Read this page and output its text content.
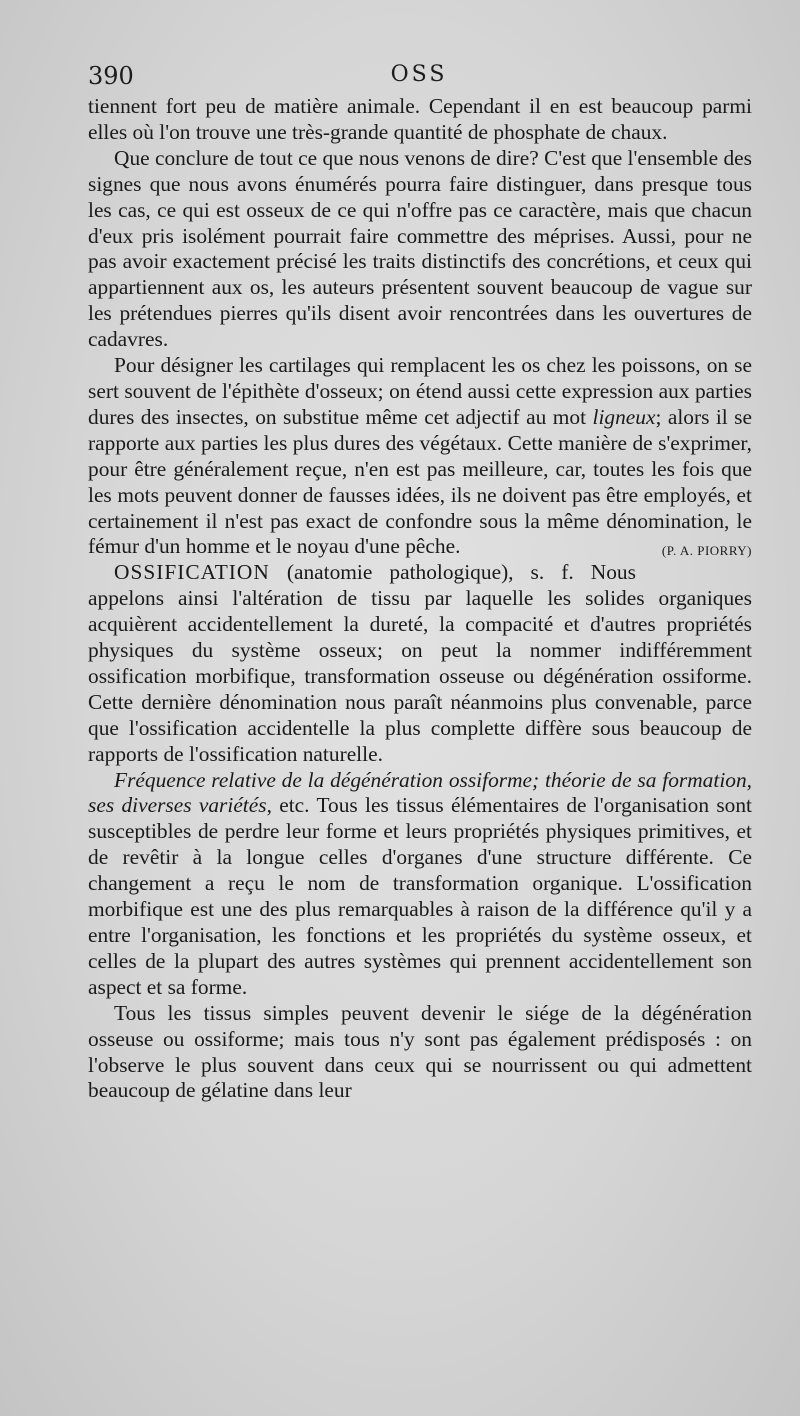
390	OSS

tiennent fort peu de matière animale. Cependant il en est beaucoup parmi elles où l'on trouve une très-grande quantité de phosphate de chaux.

Que conclure de tout ce que nous venons de dire? C'est que l'ensemble des signes que nous avons énumérés pourra faire distinguer, dans presque tous les cas, ce qui est osseux de ce qui n'offre pas ce caractère, mais que chacun d'eux pris isolément pourrait faire commettre des méprises. Aussi, pour ne pas avoir exactement précisé les traits distinctifs des concrétions, et ceux qui appartiennent aux os, les auteurs présentent souvent beaucoup de vague sur les prétendues pierres qu'ils disent avoir rencontrées dans les ouvertures de cadavres.

Pour désigner les cartilages qui remplacent les os chez les poissons, on se sert souvent de l'épithète d'osseux; on étend aussi cette expression aux parties dures des insectes, on substitue même cet adjectif au mot ligneux; alors il se rapporte aux parties les plus dures des végétaux. Cette manière de s'exprimer, pour être généralement reçue, n'en est pas meilleure, car, toutes les fois que les mots peuvent donner de fausses idées, ils ne doivent pas être employés, et certainement il n'est pas exact de confondre sous la même dénomination, le fémur d'un homme et le noyau d'une pêche.	(P. A. PIORRY)

OSSIFICATION (anatomie pathologique), s. f. Nous appelons ainsi l'altération de tissu par laquelle les solides organiques acquièrent accidentellement la dureté, la compacité et d'autres propriétés physiques du système osseux; on peut la nommer indifféremment ossification morbifique, transformation osseuse ou dégénération ossiforme. Cette dernière dénomination nous paraît néanmoins plus convenable, parce que l'ossification accidentelle la plus complette diffère sous beaucoup de rapports de l'ossification naturelle.

Fréquence relative de la dégénération ossiforme; théorie de sa formation, ses diverses variétés, etc. Tous les tissus élémentaires de l'organisation sont susceptibles de perdre leur forme et leurs propriétés physiques primitives, et de revêtir à la longue celles d'organes d'une structure différente. Ce changement a reçu le nom de transformation organique. L'ossification morbifique est une des plus remarquables à raison de la différence qu'il y a entre l'organisation, les fonctions et les propriétés du système osseux, et celles de la plupart des autres systèmes qui prennent accidentellement son aspect et sa forme.

Tous les tissus simples peuvent devenir le siége de la dégénération osseuse ou ossiforme; mais tous n'y sont pas également prédisposés : on l'observe le plus souvent dans ceux qui se nourrissent ou qui admettent beaucoup de gélatine dans leur
